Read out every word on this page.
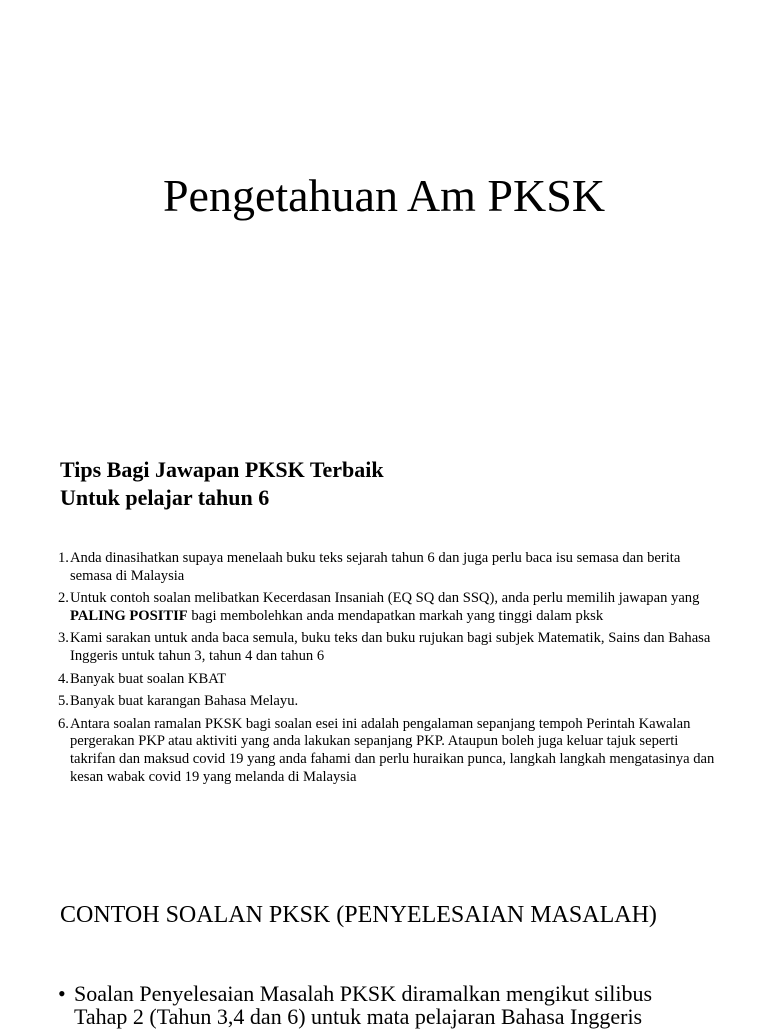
Pengetahuan Am PKSK
Tips Bagi Jawapan PKSK Terbaik
Untuk pelajar tahun 6
1. Anda dinasihatkan supaya menelaah buku teks sejarah tahun 6 dan juga perlu baca isu semasa dan berita semasa di Malaysia
2. Untuk contoh soalan melibatkan Kecerdasan Insaniah (EQ SQ dan SSQ), anda perlu memilih jawapan yang PALING POSITIF bagi membolehkan anda mendapatkan markah yang tinggi dalam pksk
3. Kami sarakan untuk anda baca semula, buku teks dan buku rujukan bagi subjek Matematik, Sains dan Bahasa Inggeris untuk tahun 3, tahun 4 dan tahun 6
4. Banyak buat soalan KBAT
5. Banyak buat karangan Bahasa Melayu.
6. Antara soalan ramalan PKSK bagi soalan esei ini adalah pengalaman sepanjang tempoh Perintah Kawalan pergerakan PKP atau aktiviti yang anda lakukan sepanjang PKP. Ataupun boleh juga keluar tajuk seperti takrifan dan maksud covid 19 yang anda fahami dan perlu huraikan punca, langkah langkah mengatasinya dan kesan wabak covid 19 yang melanda di Malaysia
CONTOH SOALAN PKSK (PENYELESAIAN MASALAH)
• Soalan Penyelesaian Masalah PKSK diramalkan mengikut silibus Tahap 2 (Tahun 3,4 dan 6) untuk mata pelajaran Bahasa Inggeris
